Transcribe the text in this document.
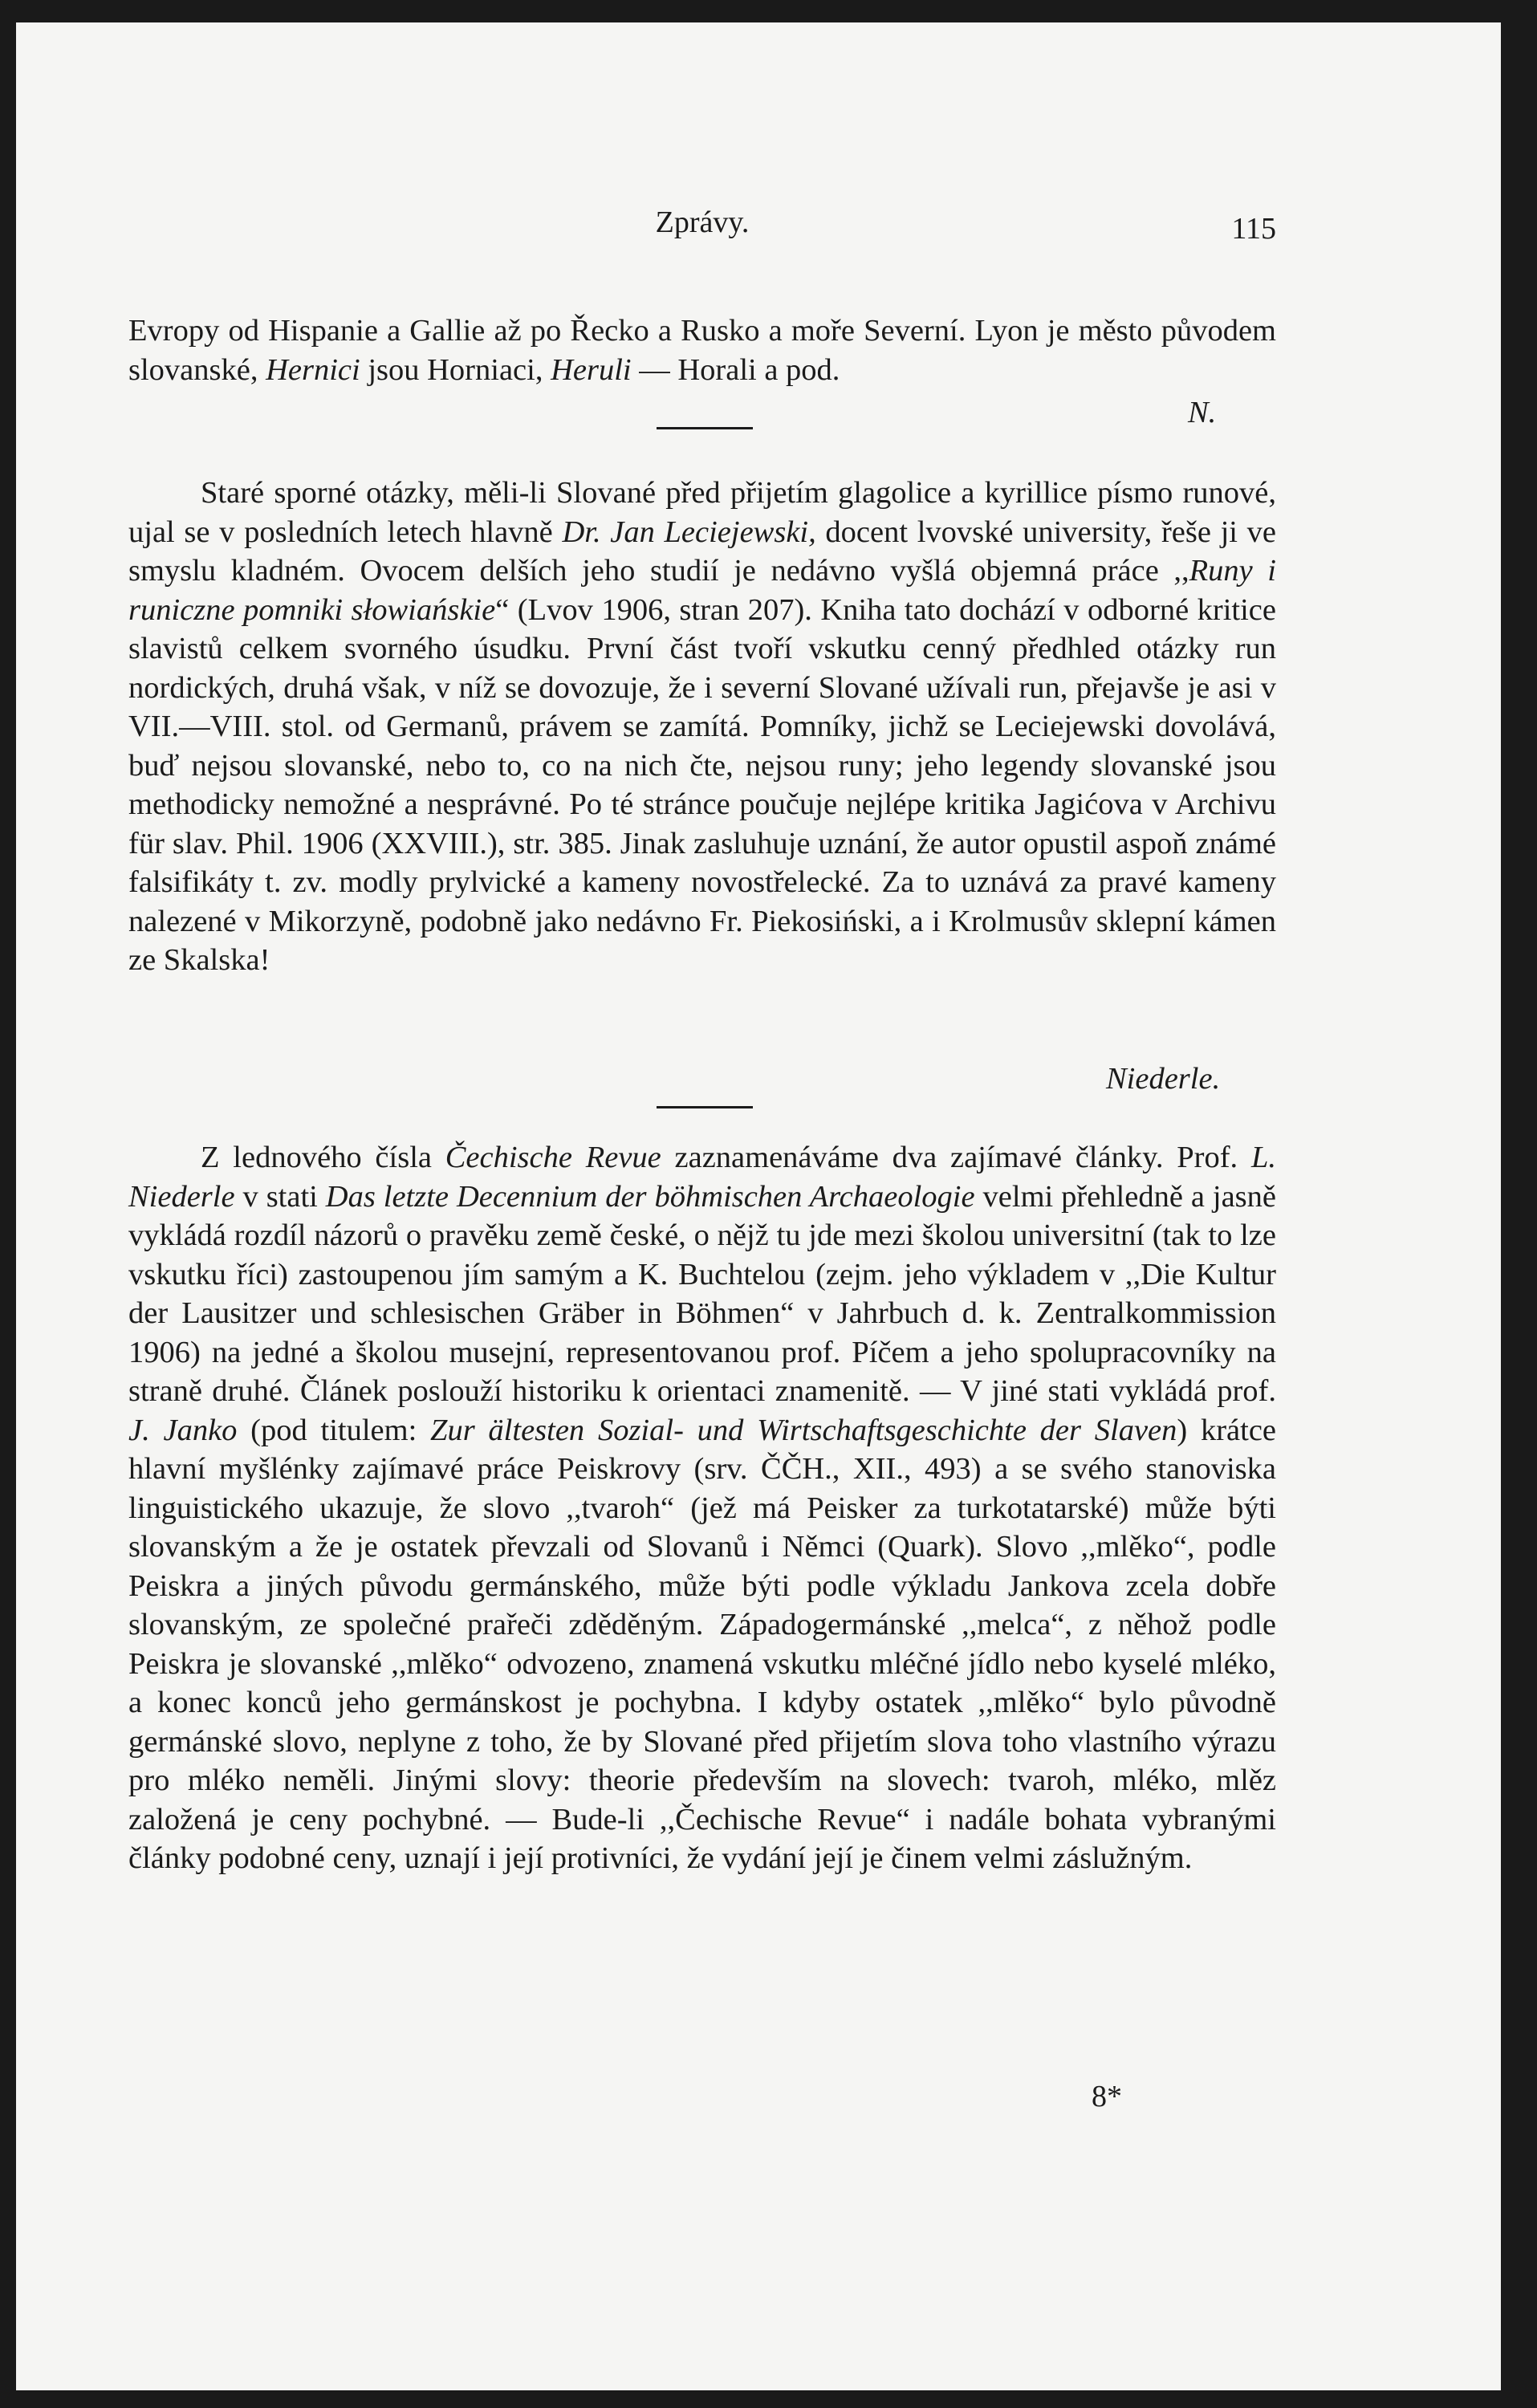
Zprávy.	115

Evropy od Hispanie a Gallie až po Řecko a Rusko a moře Severní. Lyon je město původem slovanské, Hernici jsou Horniaci, Heruli — Horali a pod.

N.

Staré sporné otázky, měli-li Slované před přijetím glagolice a kyrillice písmo runové, ujal se v posledních letech hlavně Dr. Jan Leciejewski, docent lvovské university, řeše ji ve smyslu kladném. Ovocem delších jeho studií je nedávno vyšlá objemná práce ,,Runy i runiczne pomniki słowiańskie“ (Lvov 1906, stran 207). Kniha tato dochází v odborné kritice slavistů celkem svorného úsudku. První část tvoří vskutku cenný předhled otázky run nordických, druhá však, v níž se dovozuje, že i severní Slované užívali run, přejavše je asi v VII.—VIII. stol. od Germanů, právem se zamítá. Pomníky, jichž se Leciejewski dovolává, buď nejsou slovanské, nebo to, co na nich čte, nejsou runy; jeho legendy slovanské jsou methodicky nemožné a nesprávné. Po té stránce poučuje nejlépe kritika Jagićova v Archivu für slav. Phil. 1906 (XXVIII.), str. 385. Jinak zasluhuje uznání, že autor opustil aspoň známé falsifikáty t. zv. modly prylvické a kameny novostřelecké. Za to uznává za pravé kameny nalezené v Mikorzyně, podobně jako nedávno Fr. Piekosiński, a i Krolmusův sklepní kámen ze Skalska!

Niederle.

Z lednového čísla Čechische Revue zaznamenáváme dva zajímavé články. Prof. L. Niederle v stati Das letzte Decennium der böhmischen Archaeologie velmi přehledně a jasně vykládá rozdíl názorů o pravěku země české, o nějž tu jde mezi školou universitní (tak to lze vskutku říci) zastoupenou jím samým a K. Buchtelou (zejm. jeho výkladem v ,,Die Kultur der Lausitzer und schlesischen Gräber in Böhmen“ v Jahrbuch d. k. Zentralkommission 1906) na jedné a školou musejní, representovanou prof. Píčem a jeho spolupracovníky na straně druhé. Článek poslouží historiku k orientaci znamenitě. — V jiné stati vykládá prof. J. Janko (pod titulem: Zur ältesten Sozial- und Wirtschaftsgeschichte der Slaven) krátce hlavní myšlénky zajímavé práce Peiskrovy (srv. ČČH., XII., 493) a se svého stanoviska linguistického ukazuje, že slovo ,,tvaroh“ (jež má Peisker za turkotatarské) může býti slovanským a že je ostatek převzali od Slovanů i Němci (Quark). Slovo ,,mlěko“, podle Peiskra a jiných původu germánského, může býti podle výkladu Jankova zcela dobře slovanským, ze společné prařeči zděděným. Západogermánské ,,melca“, z něhož podle Peiskra je slovanské ,,mlěko“ odvozeno, znamená vskutku mléčné jídlo nebo kyselé mléko, a konec konců jeho germánskost je pochybna. I kdyby ostatek ,,mlěko“ bylo původně germánské slovo, neplyne z toho, že by Slované před přijetím slova toho vlastního výrazu pro mléko neměli. Jinými slovy: theorie především na slovech: tvaroh, mléko, mlěz založená je ceny pochybné. — Bude-li ,,Čechische Revue“ i nadále bohata vybranými články podobné ceny, uznají i její protivníci, že vydání její je činem velmi záslužným.

8*
